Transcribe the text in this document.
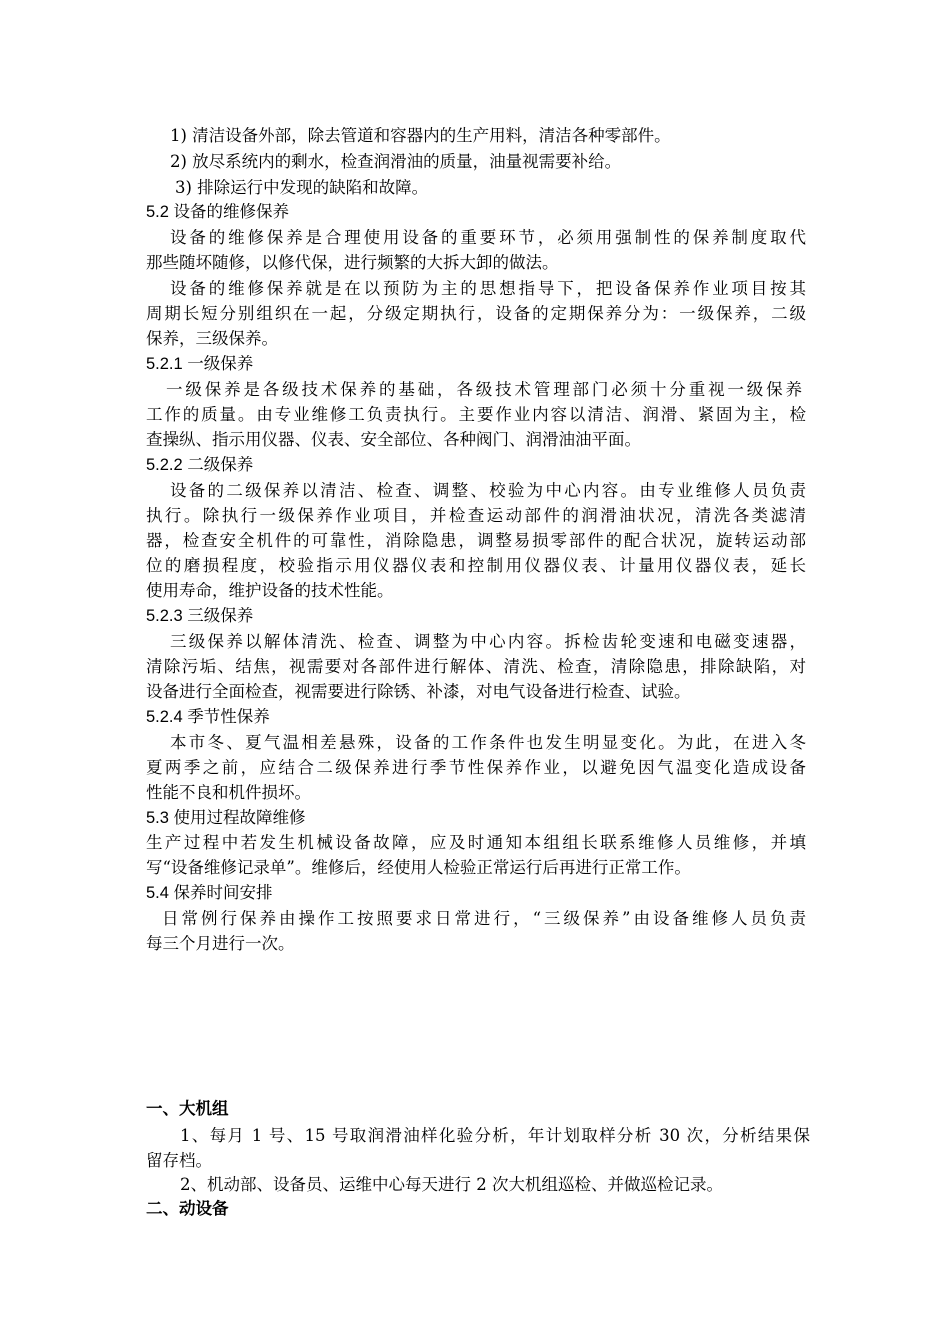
1) 清洁设备外部，除去管道和容器内的生产用料，清洁各种零部件。
2) 放尽系统内的剩水，检查润滑油的质量，油量视需要补给。
3) 排除运行中发现的缺陷和故障。
5.2 设备的维修保养
设备的维修保养是合理使用设备的重要环节，必须用强制性的保养制度取代
那些随坏随修，以修代保，进行频繁的大拆大卸的做法。
设备的维修保养就是在以预防为主的思想指导下，把设备保养作业项目按其
周期长短分别组织在一起，分级定期执行，设备的定期保养分为：一级保养，二级
保养，三级保养。
5.2.1 一级保养
一级保养是各级技术保养的基础，各级技术管理部门必须十分重视一级保养
工作的质量。由专业维修工负责执行。主要作业内容以清洁、润滑、紧固为主，检
查操纵、指示用仪器、仪表、安全部位、各种阀门、润滑油油平面。
5.2.2 二级保养
设备的二级保养以清洁、检查、调整、校验为中心内容。由专业维修人员负责
执行。除执行一级保养作业项目，并检查运动部件的润滑油状况，清洗各类滤清
器，检查安全机件的可靠性，消除隐患，调整易损零部件的配合状况，旋转运动部
位的磨损程度，校验指示用仪器仪表和控制用仪器仪表、计量用仪器仪表，延长
使用寿命，维护设备的技术性能。
5.2.3 三级保养
三级保养以解体清洗、检查、调整为中心内容。拆检齿轮变速和电磁变速器，
清除污垢、结焦，视需要对各部件进行解体、清洗、检查，清除隐患，排除缺陷，对
设备进行全面检查，视需要进行除锈、补漆，对电气设备进行检查、试验。
5.2.4 季节性保养
本市冬、夏气温相差悬殊，设备的工作条件也发生明显变化。为此，在进入冬
夏两季之前，应结合二级保养进行季节性保养作业，以避免因气温变化造成设备
性能不良和机件损坏。
5.3 使用过程故障维修
生产过程中若发生机械设备故障，应及时通知本组组长联系维修人员维修，并填
写“设备维修记录单”。维修后，经使用人检验正常运行后再进行正常工作。
5.4 保养时间安排
日常例行保养由操作工按照要求日常进行，“三级保养”由设备维修人员负责
每三个月进行一次。
一、大机组
1、每月 1 号、15 号取润滑油样化验分析，年计划取样分析 30 次，分析结果保
留存档。
2、机动部、设备员、运维中心每天进行 2 次大机组巡检、并做巡检记录。
二、动设备
